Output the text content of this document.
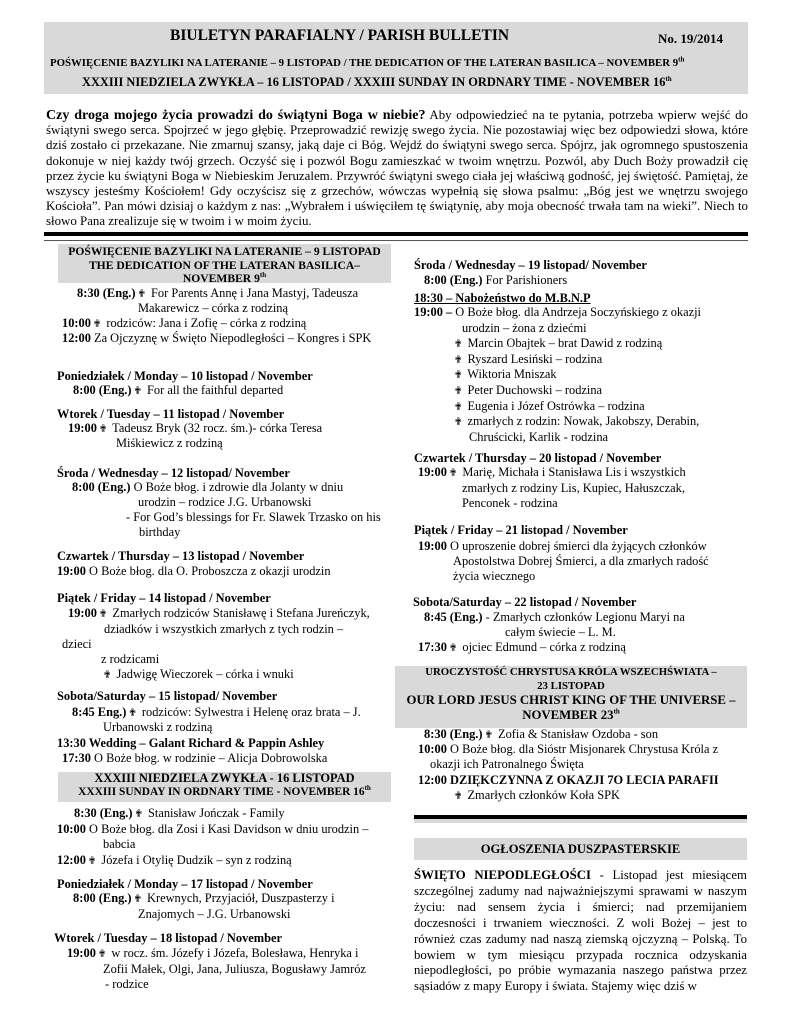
BIULETYN PARAFIALNY / PARISH BULLETIN	No. 19/2014
POŚWIĘCENIE BAZYLIKI NA LATERANIE – 9 LISTOPAD / THE DEDICATION OF THE LATERAN BASILICA – NOVEMBER 9th
XXXIII NIEDZIELA ZWYKŁA – 16 LISTOPAD / XXXIII SUNDAY IN ORDNARY TIME - NOVEMBER 16th
Czy droga mojego życia prowadzi do świątyni Boga w niebie? Aby odpowiedzieć na te pytania, potrzeba wpierw wejść do świątyni swego serca. Spojrzeć w jego głębię. Przeprowadzić rewizję swego życia. Nie pozostawiaj więc bez odpowiedzi słowa, które dziś zostało ci przekazane. Nie zmarnuj szansy, jaką daje ci Bóg. Wejdź do świątyni swego serca. Spójrz, jak ogromnego spustoszenia dokonuje w niej każdy twój grzech. Oczyść się i pozwól Bogu zamieszkać w twoim wnętrzu. Pozwól, aby Duch Boży prowadził cię przez życie ku świątyni Boga w Niebieskim Jeruzalem. Przywróć świątyni swego ciała jej właściwą godność, jej świętość. Pamiętaj, że wszyscy jesteśmy Kościołem! Gdy oczyścisz się z grzechów, wówczas wypełnią się słowa psalmu: „Bóg jest we wnętrzu swojego Kościoła”. Pan mówi dzisiaj o każdym z nas: „Wybrałem i uświęciłem tę świątynię, aby moja obecność trwała tam na wieki”. Niech to słowo Pana zrealizuje się w twoim i w moim życiu.
POŚWIĘCENIE BAZYLIKI NA LATERANIE – 9 LISTOPAD
THE DEDICATION OF THE LATERAN BASILICA–
NOVEMBER 9th
8:30 (Eng.) ✟ For Parents Annę i Jana Mastyj, Tadeusza
Makarewicz – córka z rodziną
10:00 ✟ rodziców: Jana i Zofię – córka z rodziną
12:00 Za Ojczyznę w Święto Niepodległości – Kongres i SPK
Poniedziałek / Monday – 10 listopad / November
8:00 (Eng.) ✟ For all the faithful departed
Wtorek / Tuesday – 11 listopad / November
19:00 ✟ Tadeusz Bryk (32 rocz. śm.)- córka Teresa
Miśkiewicz z rodziną
Środa / Wednesday – 12 listopad/ November
8:00 (Eng.) O Boże błog. i zdrowie dla Jolanty w dniu
urodzin – rodzice J.G. Urbanowski
- For God’s blessings for Fr. Slawek Trzasko on his
birthday
Czwartek / Thursday – 13 listopad / November
19:00 O Boże błog. dla O. Proboszcza z okazji urodzin
Piątek / Friday – 14 listopad / November
19:00 ✟ Zmarłych rodziców Stanisławę i Stefana Jureńczyk,
dziadków i wszystkich zmarłych z tych rodzin –
dzieci
z rodzicami
✟ Jadwigę Wieczorek – córka i wnuki
Sobota/Saturday – 15 listopad/ November
8:45 Eng.) ✟ rodziców: Sylwestra i Helenę oraz brata – J.
Urbanowski z rodziną
13:30 Wedding – Galant Richard & Pappin Ashley
17:30 O Boże błog. w rodzinie – Alicja Dobrowolska
8:30 (Eng.) ✟ Stanisław Jończak - Family
10:00 O Boże błog. dla Zosi i Kasi Davidson w dniu urodzin –
babcia
12:00 ✟ Józefa i Otylię Dudzik – syn z rodziną
Poniedziałek / Monday – 17 listopad / November
8:00 (Eng.) ✟ Krewnych, Przyjaciół, Duszpasterzy i
Znajomych – J.G. Urbanowski
Wtorek / Tuesday – 18 listopad / November
19:00 ✟ w rocz. śm. Józefy i Józefa, Bolesława, Henryka i
Zofii Małek, Olgi, Jana, Juliusza, Bogusławy Jamróz
- rodzice
XXXIII NIEDZIELA ZWYKŁA - 16 LISTOPAD
XXXIII SUNDAY IN ORDNARY TIME - NOVEMBER 16th
Środa / Wednesday – 19 listopad/ November
8:00 (Eng.) For Parishioners
18:30 – Nabożeństwo do M.B.N.P
19:00 – O Boże błog. dla Andrzeja Soczyńskiego z okazji
urodzin – żona z dziećmi
✟ Marcin Obajtek – brat Dawid z rodziną
✟ Ryszard Lesiński – rodzina
✟ Wiktoria Mniszak
✟ Peter Duchowski – rodzina
✟ Eugenia i Józef Ostrówka – rodzina
✟ zmarłych z rodzin: Nowak, Jakobszy, Derabin,
Chruścicki, Karlik - rodzina
Czwartek / Thursday – 20 listopad / November
19:00 ✟ Marię, Michała i Stanisława Lis i wszystkich
zmarłych z rodziny Lis, Kupiec, Hałuszczak,
Penconek - rodzina
Piątek / Friday – 21 listopad / November
19:00 O uproszenie dobrej śmierci dla żyjących członków
Apostolstwa Dobrej Śmierci, a dla zmarłych radość
życia wiecznego
Sobota/Saturday – 22 listopad / November
8:45 (Eng.) - Zmarłych członków Legionu Maryi na
całym świecie – L. M.
17:30 ✟ ojciec Edmund – córka z rodziną
UROCZYSTOŚĆ CHRYSTUSA KRÓLA WSZECHŚWIATA –
23 LISTOPAD
OUR LORD JESUS CHRIST KING OF THE UNIVERSE –
NOVEMBER 23th
8:30 (Eng.) ✟ Zofia & Stanisław Ozdoba - son
10:00 O Boże błog. dla Sióstr Misjonarek Chrystusa Króla z
okazji ich Patronalnego Święta
12:00 DZIĘKCZYNNA Z OKAZJI 7O LECIA PARAFII
✟ Zmarłych członków Koła SPK
OGŁOSZENIA DUSZPASTERSKIE
ŚWIĘTO NIEPODLEGŁOŚCI - Listopad jest miesiącem szczególnej zadumy nad najważniejszymi sprawami w naszym życiu: nad sensem życia i śmierci; nad przemijaniem doczesności i trwaniem wieczności. Z woli Bożej – jest to również czas zadumy nad naszą ziemską ojczyzną – Polską. To bowiem w tym miesiącu przypada rocznica odzyskania niepodległości, po próbie wymazania naszego państwa przez sąsiadów z mapy Europy i świata. Stajemy więc dziś w
